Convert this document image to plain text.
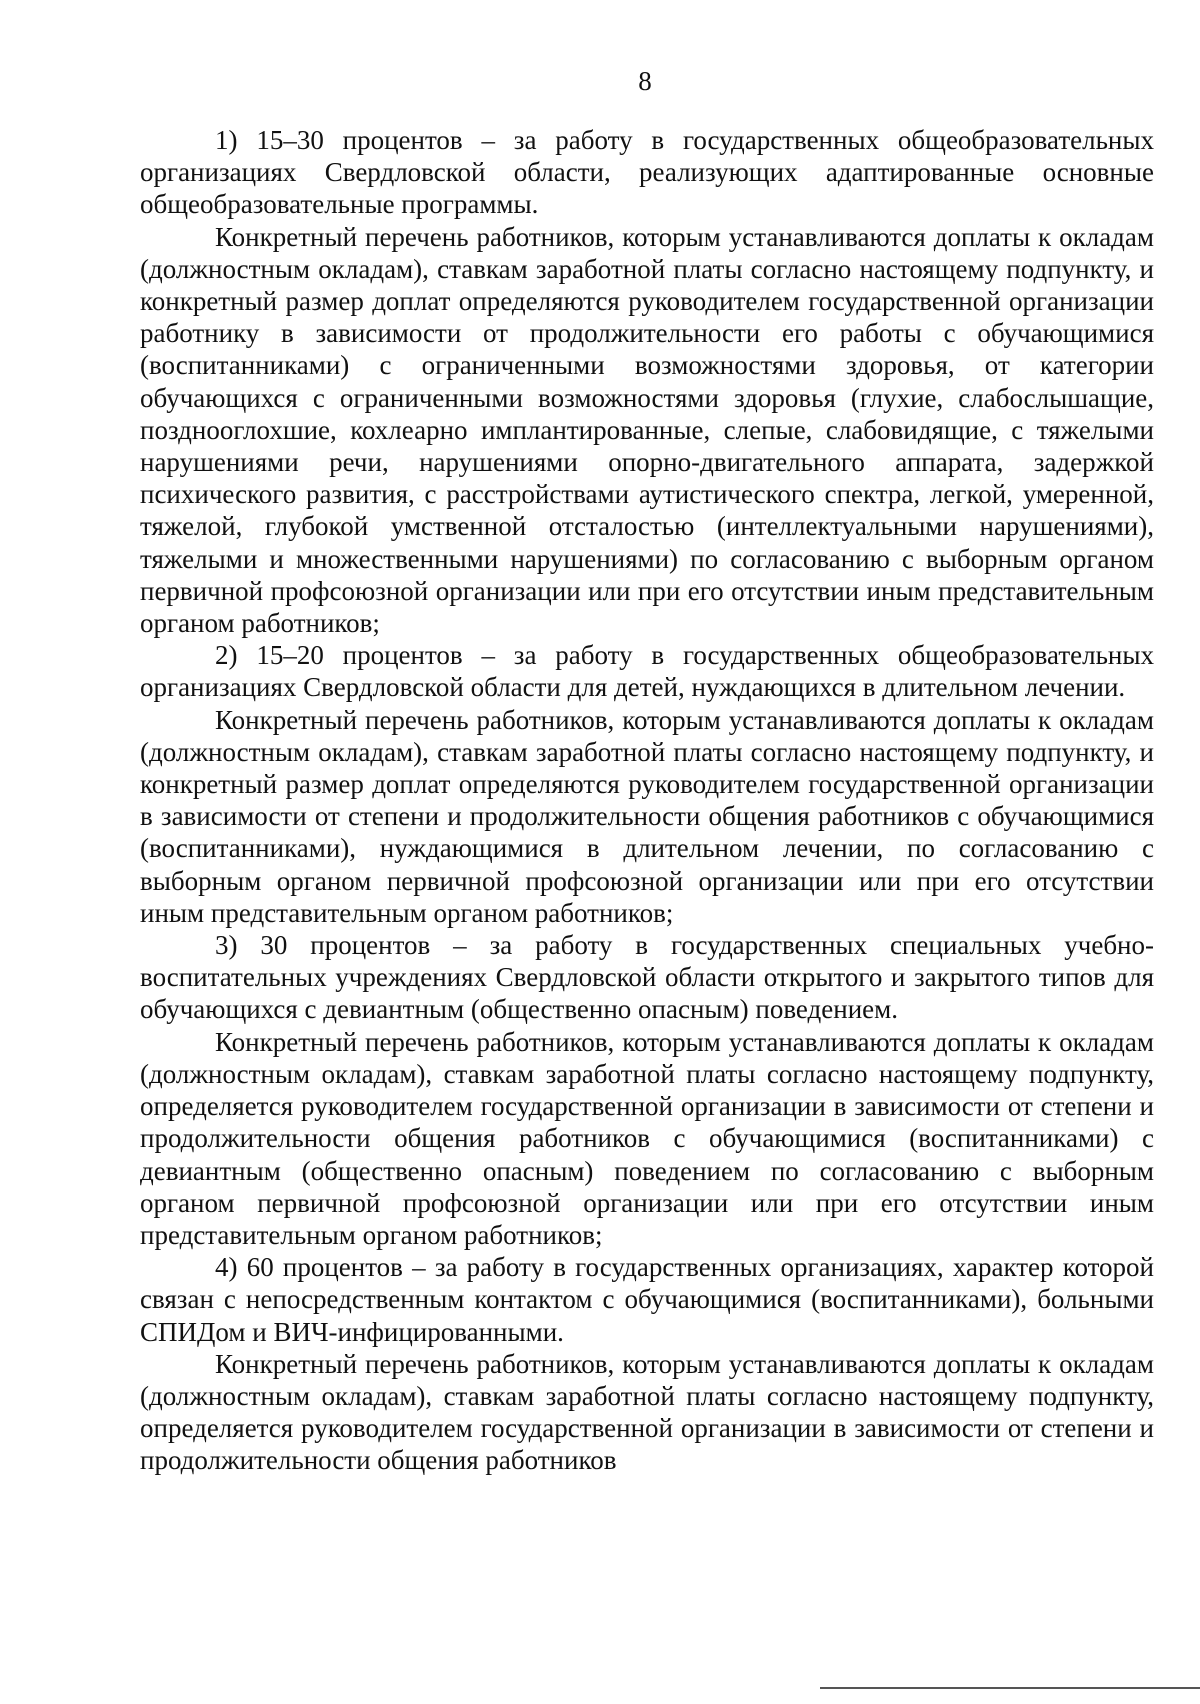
8

1) 15–30 процентов – за работу в государственных общеобразовательных организациях Свердловской области, реализующих адаптированные основные общеобразовательные программы.

Конкретный перечень работников, которым устанавливаются доплаты к окладам (должностным окладам), ставкам заработной платы согласно настоящему подпункту, и конкретный размер доплат определяются руководителем государственной организации работнику в зависимости от продолжительности его работы с обучающимися (воспитанниками) с ограниченными возможностями здоровья, от категории обучающихся с ограниченными возможностями здоровья (глухие, слабослышащие, позднооглохшие, кохлеарно имплантированные, слепые, слабовидящие, с тяжелыми нарушениями речи, нарушениями опорно-двигательного аппарата, задержкой психического развития, с расстройствами аутистического спектра, легкой, умеренной, тяжелой, глубокой умственной отсталостью (интеллектуальными нарушениями), тяжелыми и множественными нарушениями) по согласованию с выборным органом первичной профсоюзной организации или при его отсутствии иным представительным органом работников;

2) 15–20 процентов – за работу в государственных общеобразовательных организациях Свердловской области для детей, нуждающихся в длительном лечении.

Конкретный перечень работников, которым устанавливаются доплаты к окладам (должностным окладам), ставкам заработной платы согласно настоящему подпункту, и конкретный размер доплат определяются руководителем государственной организации в зависимости от степени и продолжительности общения работников с обучающимися (воспитанниками), нуждающимися в длительном лечении, по согласованию с выборным органом первичной профсоюзной организации или при его отсутствии иным представительным органом работников;

3) 30 процентов – за работу в государственных специальных учебно-воспитательных учреждениях Свердловской области открытого и закрытого типов для обучающихся с девиантным (общественно опасным) поведением.

Конкретный перечень работников, которым устанавливаются доплаты к окладам (должностным окладам), ставкам заработной платы согласно настоящему подпункту, определяется руководителем государственной организации в зависимости от степени и продолжительности общения работников с обучающимися (воспитанниками) с девиантным (общественно опасным) поведением по согласованию с выборным органом первичной профсоюзной организации или при его отсутствии иным представительным органом работников;

4) 60 процентов – за работу в государственных организациях, характер которой связан с непосредственным контактом с обучающимися (воспитанниками), больными СПИДом и ВИЧ-инфицированными.

Конкретный перечень работников, которым устанавливаются доплаты к окладам (должностным окладам), ставкам заработной платы согласно настоящему подпункту, определяется руководителем государственной организации в зависимости от степени и продолжительности общения работников
